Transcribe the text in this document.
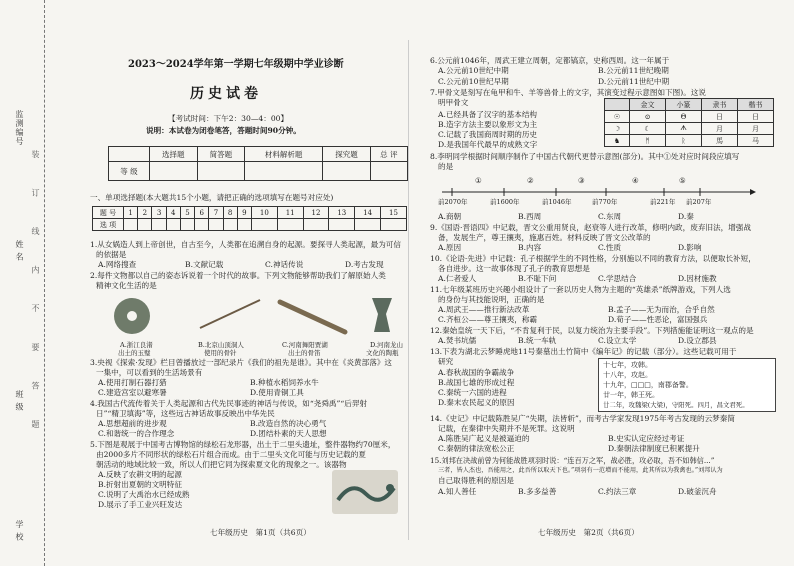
学 校
班 级
姓 名
监测编号
装 订 线 内 不 要 答 题
2023～2024学年第一学期七年级期中学业诊断
历史试卷
【考试时间：下午2：30—4：00】
说明：本试卷为闭卷笔答，答题时间90分钟。
	选择题	简答题	材料解析题	探究题	总 评
等 级					
一、单项选择题(本大题共15个小题，请把正确的选项填写在题号对应处)
题 号	1	2	3	4	5	6	7	8	9	10	11	12	13	14	15
选 项															
1.从女娲造人到上帝创世，自古至今，人类都在追溯自身的起源。要探寻人类起源，最为可信
的依据是
A.网络搜查	B.文献记载	C.神话传说	D.考古发现
2.每件文物都以自己的姿态诉说着一个时代的故事。下列文物能够帮助我们了解原始人类
精神文化生活的是
A.浙江良渚
出土的玉璧
B.北京山顶洞人
使用的骨针
C.河南舞阳贾湖
出土的骨笛
D.河南龙山
文化的陶瓶
3.央视《探索·发现》栏目曾播放过一部纪录片《我们的祖先是谁》。其中在《炎黄部落》这
一集中，可以看到的生活场景有
A.使用打制石器打猎	B.种植水稻饲养水牛
C.建造宫室以避寒暑	D.使用青铜工具
4.我国古代流传着关于人类起源和古代先民事迹的神话与传说，如“尧舜禹”“后羿射
日”“精卫填海”等，这些远古神话故事反映出中华先民
A.思想超前的进步观	B.改造自然的决心勇气
C.和谐统一的合作理念	D.团结朴素的天人思想
5.下图是观展于中国考古博物馆的绿松石龙形器，出土于二里头遗址，整件器物约70厘米，
由2000多片不同形状的绿松石片组合而成。由于二里头文化可能与历史记载的夏
朝活动的地域比较一致，所以人们把它同为探索夏文化的现象之一。该器物
A.反映了农耕文明的起源
B.折射出夏朝的文明特征
C.说明了大禹治水已经成熟
D.展示了手工业兴旺发达
七年级历史　第1页（共6页）
6.公元前1046年，周武王建立周朝，定都镐京，史称西周。这一年属于
A.公元前10世纪中期	B.公元前11世纪晚期
C.公元前10世纪早期	D.公元前11世纪中期
7.甲骨文是刻写在龟甲和牛、羊等兽骨上的文字，其演变过程示意图如下图)。这说
明甲骨文
A.已经具备了汉字的基本结构
B.造字方法主要以象形文为主
C.记载了我国商周时期的历史
D.是我国年代最早的成熟文字
	金文	小篆	隶书	楷书
☉	⊙	Θ	日	日
☽	☾	ᗑ	月	月
♞	ᛗ	ᚱ	馬	马
8.李明同学根据时间顺序制作了中国古代朝代更替示意图(部分)。其中①处对应时间段应填写
的是
前2070年	前1600年	前1046年	前770年	前221年 前207年
①	②	③	④	⑤
A.商朝	B.西周	C.东周	D.秦
9.《国语·晋语四》中记载，晋文公重用贤良，赵衰等人进行改革，修明内政，废弃旧法，增强战
备，发展生产，尊王攘夷，施惠百姓。材料反映了晋文公改革的
A.原因	B.内容	C.性质	D.影响
10.《论语·先进》中记载：孔子根据学生的不同性格，分别施以不同的教育方法，以便取长补短，
各自进步。这一故事体现了孔子的教育思想是
A.仁者爱人	B.不耻下问	C.学思结合	D.因材施教
11.七年级某班历史兴趣小组设计了一套以历史人物为主题的“英雄杀”纸牌游戏，下列人选
的身份与其技能说明，正确的是
A.周武王——推行新法改革	B.孟子——无为而治，合乎自然
C.齐桓公——尊王攘夷，称霸	D.荀子——性恶论，富国强兵
12.秦始皇统一天下后，“不肯复利于民，以复力统治为主要手段”。下列措施能证明这一观点的是
A.焚书坑儒	B.统一车轨	C.设立太学	D.设立郡县
13.下表为湖北云梦睡虎地11号秦墓出土竹简中《编年记》的记载（部分）。这些记载可用于
研究
A.春秋战国的争霸战争
B.战国七雄的形成过程
C.秦统一六国的进程
D.秦末农民起义的原因
十七年，攻韩。
十八年，攻赵。
十九年，□□□，南郡备警。
廿一年，韩王死。
廿二年，攻魏梁(大梁)，守阳死。四月，昌文君死。
14.《史记》中记载陈胜吴广“失期，法皆斩”，而考古学家发现1975年考古发现的云梦秦简
记载，在秦律中失期并不是死罪。这说明
A.陈胜吴广起义是被逼迫的	B.史实认定应经过考证
C.秦朝的律法宽松公正	D.秦朝法律制度已积累提升
15.刘邦在决战前曾为何能战胜项羽时说：“连百万之军，战必胜，攻必取，吾不如韩信...”
三者，皆人杰也，吾能用之，此吾所以取天下也。”项羽有一范增而不能用，此其所以为我禽也。”刘邦认为
自己取得胜利的原因是
A.知人善任	B.多多益善	C.约法三章	D.破釜沉舟
七年级历史　第2页（共6页）
